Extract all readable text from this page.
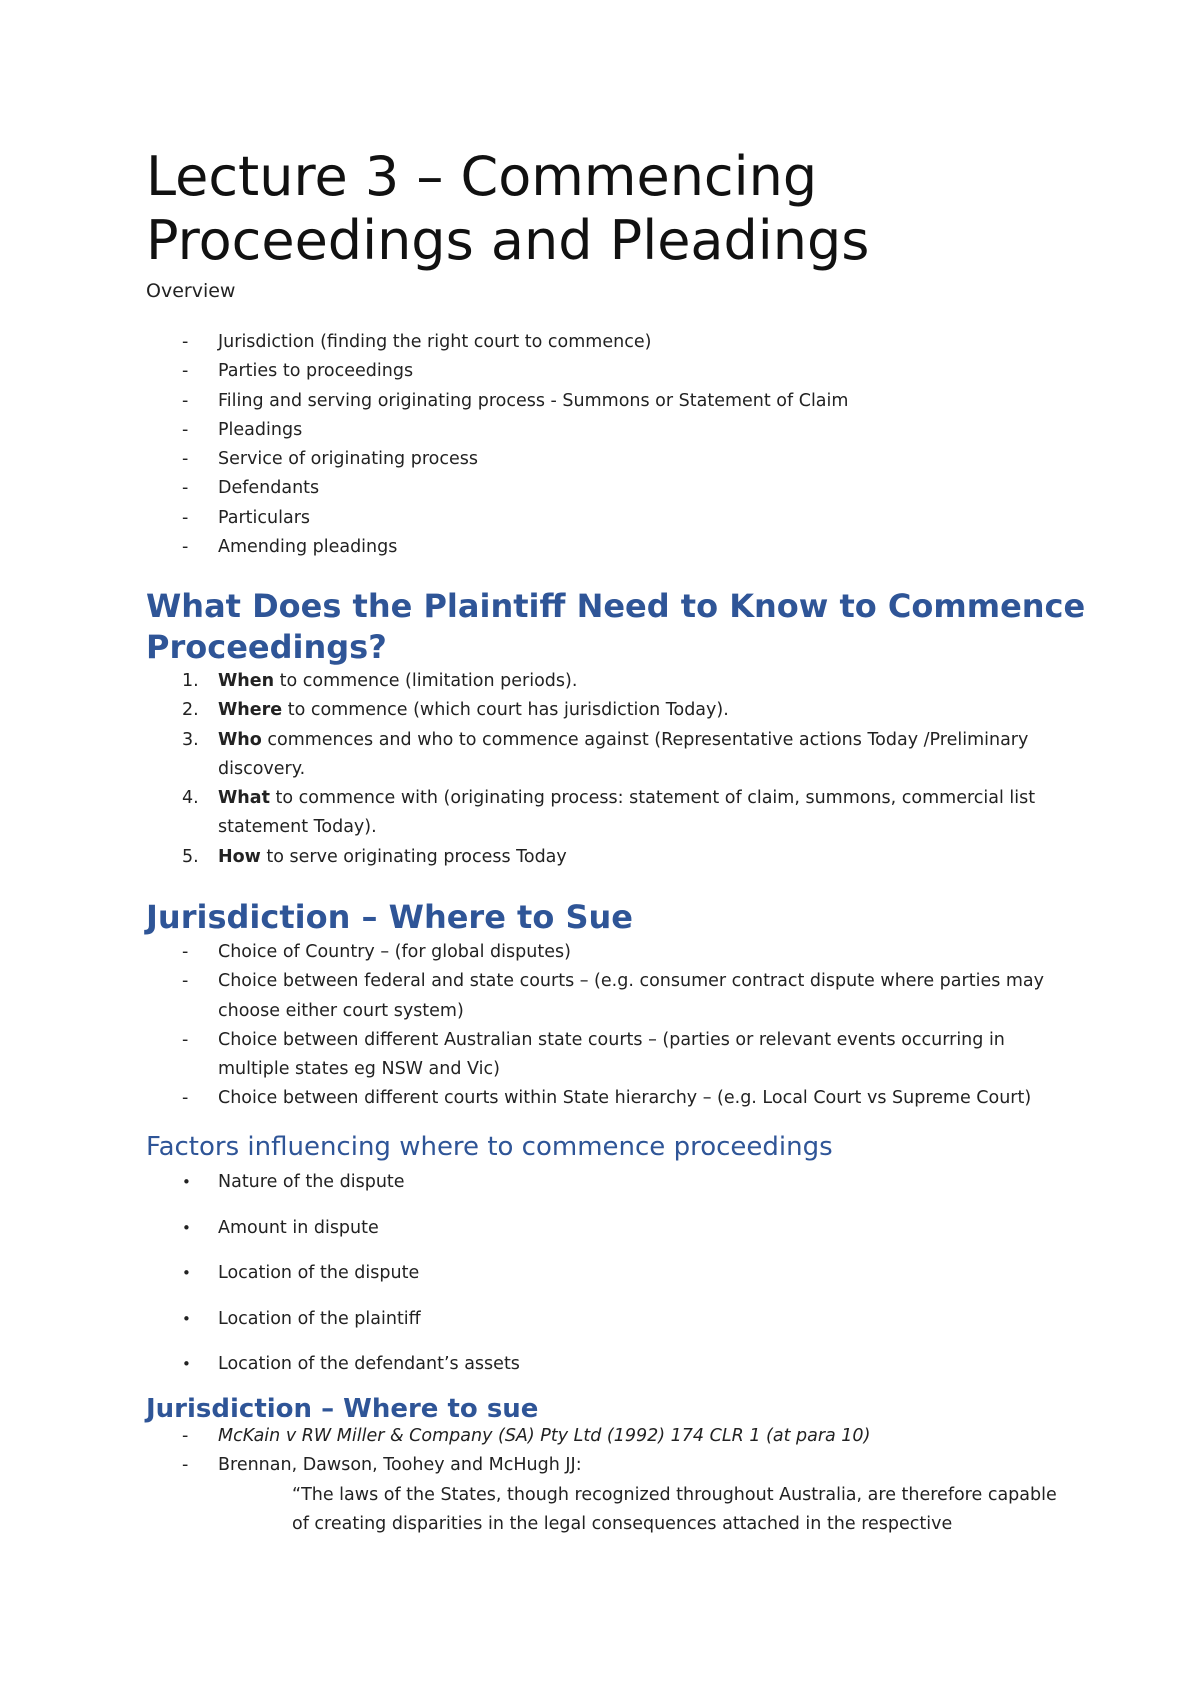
Lecture 3 – Commencing Proceedings and Pleadings

Overview

-	Jurisdiction (finding the right court to commence)
-	Parties to proceedings
-	Filing and serving originating process - Summons or Statement of Claim
-	Pleadings
-	Service of originating process
-	Defendants
-	Particulars
-	Amending pleadings
What Does the Plaintiff Need to Know to Commence Proceedings?
1. When to commence (limitation periods).
2. Where to commence (which court has jurisdiction Today).
3. Who commences and who to commence against (Representative actions Today /Preliminary discovery.
4. What to commence with (originating process: statement of claim, summons, commercial list statement Today).
5. How to serve originating process Today
Jurisdiction – Where to Sue
-	Choice of Country – (for global disputes)
-	Choice between federal and state courts – (e.g. consumer contract dispute where parties may choose either court system)
-	Choice between different Australian state courts – (parties or relevant events occurring in multiple states eg NSW and Vic)
-	Choice between different courts within State hierarchy – (e.g. Local Court vs Supreme Court)
Factors influencing where to commence proceedings
•	Nature of the dispute
•	Amount in dispute
•	Location of the dispute
•	Location of the plaintiff
•	Location of the defendant’s assets
Jurisdiction – Where to sue
-	McKain v RW Miller & Company (SA) Pty Ltd (1992) 174 CLR 1 (at para 10)
-	Brennan, Dawson, Toohey and McHugh JJ:

“The laws of the States, though recognized throughout Australia, are therefore capable of creating disparities in the legal consequences attached in the respective
